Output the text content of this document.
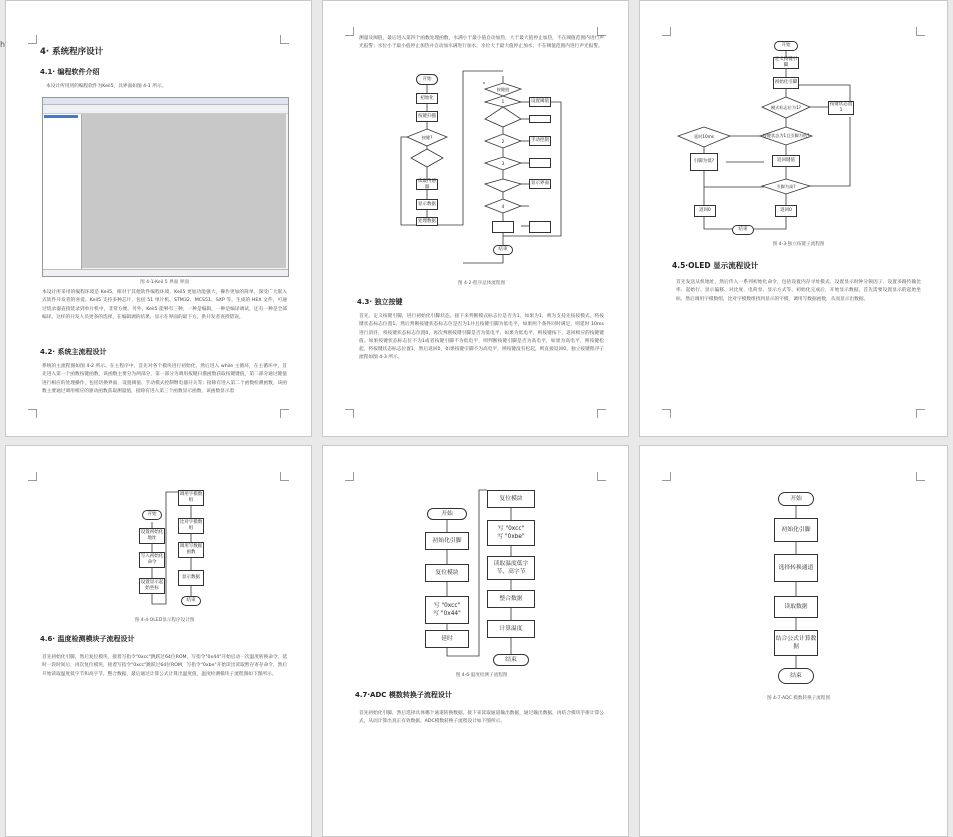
4· 系统程序设计
4.1· 编程软件介绍
本设计所用到的编程软件为Keil5，具界面如图 4-1 所示。
图 4-1·Keil 5 界面 界面
本设计所采用的编程环境是 Keil5，相对于其他软件编程环境，Keil5 更加功能强大，操作更加的简单，深受广大嵌入式软件开发者的喜爱。Keil5 支持多种芯片，包括 51 单片机、STM32、MCS51、SXP 等，生成的 HEX 文件，可通过烧录器直接烧录到单片机中，非常方便。另外，Keil5 能够有三种，一种是编辑，一种是编译调试，还有一种是全部编译，这样的开发人员更多的选择，在编辑调的结果，显示在界面的最下方，供开发者查找错误。
4.2· 系统主流程设计
系统的主流程图如图 4-2 所示。在主程序中，首先对各个模块进行初始化，然后进入 while 主循环，在主循环中，首先进入第一个函数按键函数，该函数主要分为两部分，第一部分为调用按键扫描函数获取按键键值，第二部分通过键值进行相应的处理操作，包括切换界面、设置阈值、手动模式控制继电器开关等；接除有进入第二个函数检测函数，该函数主要通过调用相应的驱动函数获取测量值，接除有进入第三个函数显示函数，该函数显示着
h
测量及阈值，最后进入第四个函数处理函数，水满小于最小值自动加热，大于最大值停止加热，不在阈值范围内进行声光报警；水位小于最小值停止加热并自动加水满进行加水，水位大于最大值停止加水，不在阈值范围内进行声光报警。
开始
初始化
按键扫描
按键?
读取传感器
显示数据
处理数据
按键值
1	设置阈值
2	手动控制
3
显示界面
4
结束
图 4-2·程序总体流程图
4.3· 独立按键
首先，定义按键引脚，进行初始化引脚状态。接下来判断模式标志位是否为1，如果为1，则为支持先按按模式，将按键状态标志位置1。然后判断按键状态标志位是否为1并且按键引脚为低电平，如果两个条件同时满足，则延时 10ms 进行消抖，将按键状态标志位置0，再次判断按键引脚是否为低电平，如果为低电平，则按键按下，返回相应的按键键值。如果按键状态标志位不为1或者按键引脚不为低电平，则判断按键引脚是否为高电平，如果为高电平，则按键松起，将按键状态标志位置1，然后返回0，如果按键引脚不为高电平，则按键没有松起，则直接返回0。独立按键程序子流程如图 4-3 所示。
开始
定义按键引脚
初始化引脚
模式标志位为1?	按键状态置1
按键状态为1且引脚为低?
延时10ms
引脚为低?	返回键值
引脚为高?
返回0	返回0
结束
图 4-3·独立按键子流程图
4.5·OLED 显示流程设计
首先发送从机地址，然后传入一系列初始化命令，包括设置内存寻址模式、设置显示时钟分频因子、设置多路传输比率、起始行、显示偏移、对比度、电荷泵、显示方式等，初始化完成后，开始显示数据，首先需要设置显示的起始坐标，然后调用字模数组，比对字模数组找到显示的字模，调用写数据函数，从而显示出数据。
开始
设置初始化地址
写入初始化命令
设置显示起始坐标
调用字模数组
比对字模数组
调用写数据函数
显示数据
结束
图 4-4·OLED显示程序设计图
4.6· 温度检测模块子流程设计
首先初始化引脚，然后复位模块，接着写指令"0xcc"跳跃过64位ROM，写指令"0x44"开始启动一次温度转换命令，延时一段时间后，再次复位模块，接着写指令"0xcc"跳跃过64位ROM，写指令"0xbe"开始读出读取暂存寄存命令，然后开始读取温度低字节和高字节，整合数据，最后通过计算公式计算出温度值，温度检测模块子流程图如下图所示。
开始
初始化引脚
复位模块
写 "0xcc"
写 "0x44"
延时
复位模块
写 "0xcc"
写 "0xbe"
读取温度低字节、高字节
整合数据
计算温度
结束
图 4-6·温度检测子流程图
4.7·ADC 模数转换子流程设计
首先初始化引脚，然后选择具体哪个通道转换数据，接下来读取通道输出数据，通过输出数据，再结合模块手册计算公式，从而计算出真正有效数据。ADC模数转换子流程设计如下图所示。
开始
初始化引脚
选择转换通道
读取数据
结合公式计算数据
结束
图 4-7·ADC 模数转换子流程图
